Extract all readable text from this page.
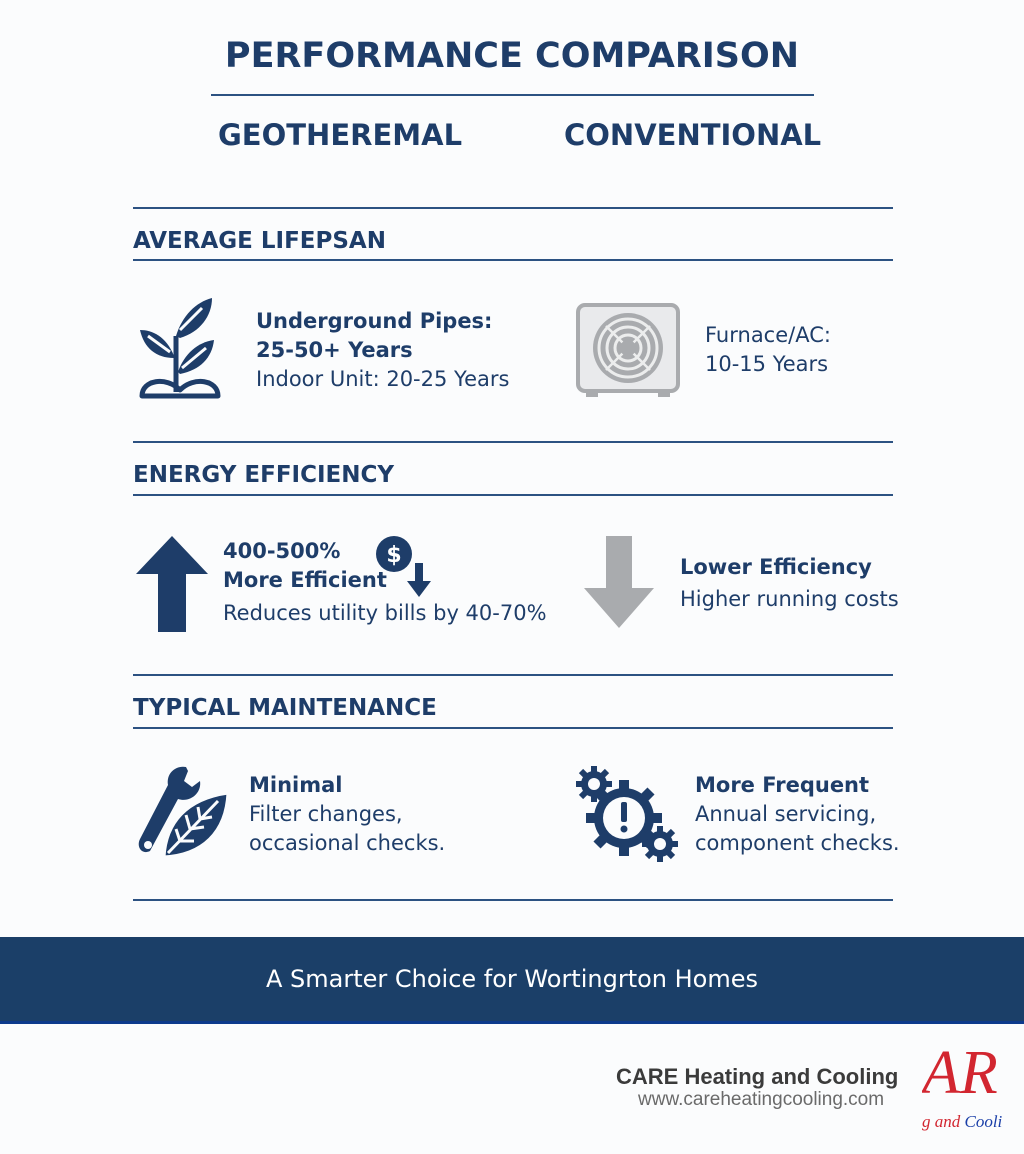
PERFORMANCE COMPARISON
GEOTHEREMAL	CONVENTIONAL
AVERAGE LIFEPSAN
Underground Pipes:
25-50+ Years
Indoor Unit: 20-25 Years
Furnace/AC:
10-15 Years
ENERGY EFFICIENCY
400-500%
More Efficient
Reduces utility bills by 40-70%
$	Lower Efficiency
Higher running costs
TYPICAL MAINTENANCE
Minimal
Filter changes,
occasional checks.
More Frequent
Annual servicing,
component checks.
A Smarter Choice for Wortingrton Homes
CARE Heating and Cooling
www.careheatingcooling.com AR
g and Cooli
